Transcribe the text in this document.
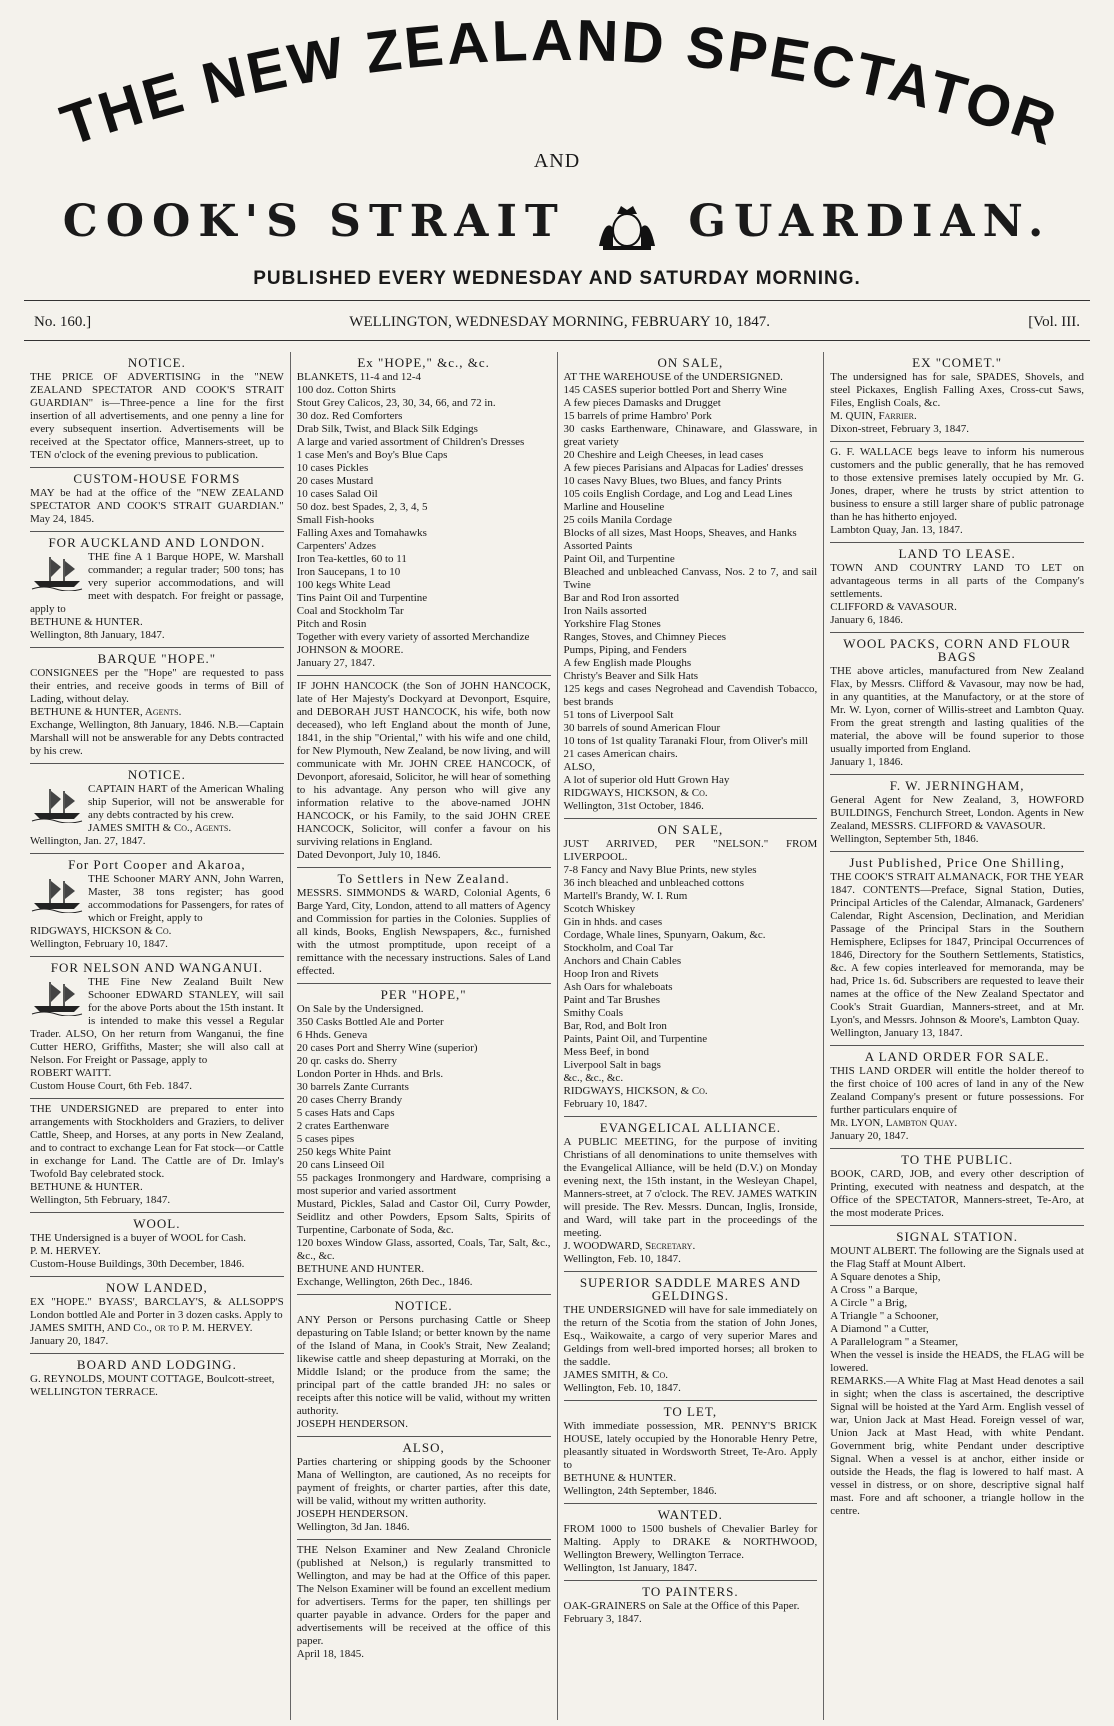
THE NEW ZEALAND SPECTATOR
AND
COOK'S STRAIT	GUARDIAN.
PUBLISHED EVERY WEDNESDAY AND SATURDAY MORNING.
No. 160.]	WELLINGTON, WEDNESDAY MORNING, FEBRUARY 10, 1847.	[Vol. III.
NOTICE.

THE PRICE OF ADVERTISING in the "NEW ZEALAND SPECTATOR AND COOK'S STRAIT GUARDIAN" is—Three-pence a line for the first insertion of all advertisements, and one penny a line for every subsequent insertion. Advertisements will be received at the Spectator office, Manners-street, up to TEN o'clock of the evening previous to publication.

CUSTOM-HOUSE FORMS

MAY be had at the office of the "NEW ZEALAND SPECTATOR AND COOK'S STRAIT GUARDIAN." May 24, 1845.

FOR AUCKLAND AND LONDON.

THE fine A 1 Barque HOPE, W. Marshall commander; a regular trader; 500 tons; has very superior accommodations, and will meet with despatch. For freight or passage, apply to

BETHUNE & HUNTER.

Wellington, 8th January, 1847.

BARQUE "HOPE."

CONSIGNEES per the "Hope" are requested to pass their entries, and receive goods in terms of Bill of Lading, without delay.

BETHUNE & HUNTER, Agents.

Exchange, Wellington, 8th January, 1846. N.B.—Captain Marshall will not be answerable for any Debts contracted by his crew.

NOTICE.

CAPTAIN HART of the American Whaling ship Superior, will not be answerable for any debts contracted by his crew.

JAMES SMITH & Co., Agents.

Wellington, Jan. 27, 1847.

For Port Cooper and Akaroa,

THE Schooner MARY ANN, John Warren, Master, 38 tons register; has good accommodations for Passengers, for rates of which or Freight, apply to

RIDGWAYS, HICKSON & Co.

Wellington, February 10, 1847.

FOR NELSON AND WANGANUI.

THE Fine New Zealand Built New Schooner EDWARD STANLEY, will sail for the above Ports about the 15th instant. It is intended to make this vessel a Regular Trader. ALSO, On her return from Wanganui, the fine Cutter HERO, Griffiths, Master; she will also call at Nelson. For Freight or Passage, apply to

ROBERT WAITT.

Custom House Court, 6th Feb. 1847.

THE UNDERSIGNED are prepared to enter into arrangements with Stockholders and Graziers, to deliver Cattle, Sheep, and Horses, at any ports in New Zealand, and to contract to exchange Lean for Fat stock—or Cattle in exchange for Land. The Cattle are of Dr. Imlay's Twofold Bay celebrated stock.

BETHUNE & HUNTER.

Wellington, 5th February, 1847.

WOOL.

THE Undersigned is a buyer of WOOL for Cash.

P. M. HERVEY.

Custom-House Buildings, 30th December, 1846.

NOW LANDED,

EX "HOPE." BYASS', BARCLAY'S, & ALLSOPP'S London bottled Ale and Porter in 3 dozen casks. Apply to

JAMES SMITH, AND Co., or to P. M. HERVEY.

January 20, 1847.

BOARD AND LODGING.

G. REYNOLDS, MOUNT COTTAGE, Boulcott-street,

WELLINGTON TERRACE.

Ex "HOPE," &c., &c.

BLANKETS, 11-4 and 12-4
100 doz. Cotton Shirts
Stout Grey Calicos, 23, 30, 34, 66, and 72 in.
30 doz. Red Comforters
Drab Silk, Twist, and Black Silk Edgings
A large and varied assortment of Children's Dresses
1 case Men's and Boy's Blue Caps
10 cases Pickles
20 cases Mustard
10 cases Salad Oil
50 doz. best Spades, 2, 3, 4, 5
Small Fish-hooks
Falling Axes and Tomahawks
Carpenters' Adzes
Iron Tea-kettles, 60 to 11
Iron Saucepans, 1 to 10
100 kegs White Lead
Tins Paint Oil and Turpentine
Coal and Stockholm Tar
Pitch and Rosin
Together with every variety of assorted Merchandize

JOHNSON & MOORE.

January 27, 1847.

IF JOHN HANCOCK (the Son of JOHN HANCOCK, late of Her Majesty's Dockyard at Devonport, Esquire, and DEBORAH JUST HANCOCK, his wife, both now deceased), who left England about the month of June, 1841, in the ship "Oriental," with his wife and one child, for New Plymouth, New Zealand, be now living, and will communicate with Mr. JOHN CREE HANCOCK, of Devonport, aforesaid, Solicitor, he will hear of something to his advantage. Any person who will give any information relative to the above-named JOHN HANCOCK, or his Family, to the said JOHN CREE HANCOCK, Solicitor, will confer a favour on his surviving relations in England.

Dated Devonport, July 10, 1846.

To Settlers in New Zealand.

MESSRS. SIMMONDS & WARD, Colonial Agents, 6 Barge Yard, City, London, attend to all matters of Agency and Commission for parties in the Colonies. Supplies of all kinds, Books, English Newspapers, &c., furnished with the utmost promptitude, upon receipt of a remittance with the necessary instructions. Sales of Land effected.

PER "HOPE,"

On Sale by the Undersigned.
350 Casks Bottled Ale and Porter
6 Hhds. Geneva
20 cases Port and Sherry Wine (superior)
20 qr. casks do. Sherry
London Porter in Hhds. and Brls.
30 barrels Zante Currants
20 cases Cherry Brandy
5 cases Hats and Caps
2 crates Earthenware
5 cases pipes
250 kegs White Paint
20 cans Linseed Oil
55 packages Ironmongery and Hardware, comprising a most superior and varied assortment
Mustard, Pickles, Salad and Castor Oil, Curry Powder, Seidlitz and other Powders, Epsom Salts, Spirits of Turpentine, Carbonate of Soda, &c.
120 boxes Window Glass, assorted, Coals, Tar, Salt, &c., &c., &c.

BETHUNE AND HUNTER.

Exchange, Wellington, 26th Dec., 1846.

NOTICE.

ANY Person or Persons purchasing Cattle or Sheep depasturing on Table Island; or better known by the name of the Island of Mana, in Cook's Strait, New Zealand; likewise cattle and sheep depasturing at Morraki, on the Middle Island; or the produce from the same; the principal part of the cattle branded JH: no sales or receipts after this notice will be valid, without my written authority.

JOSEPH HENDERSON.

ALSO,

Parties chartering or shipping goods by the Schooner Mana of Wellington, are cautioned, As no receipts for payment of freights, or charter parties, after this date, will be valid, without my written authority.

JOSEPH HENDERSON.

Wellington, 3d Jan. 1846.

THE Nelson Examiner and New Zealand Chronicle (published at Nelson,) is regularly transmitted to Wellington, and may be had at the Office of this paper. The Nelson Examiner will be found an excellent medium for advertisers. Terms for the paper, ten shillings per quarter payable in advance. Orders for the paper and advertisements will be received at the office of this paper.

April 18, 1845.

ON SALE,

AT THE WAREHOUSE of the UNDERSIGNED.
145 CASES superior bottled Port and Sherry Wine
A few pieces Damasks and Drugget
15 barrels of prime Hambro' Pork
30 casks Earthenware, Chinaware, and Glassware, in great variety
20 Cheshire and Leigh Cheeses, in lead cases
A few pieces Parisians and Alpacas for Ladies' dresses
10 cases Navy Blues, two Blues, and fancy Prints
105 coils English Cordage, and Log and Lead Lines
Marline and Houseline
25 coils Manila Cordage
Blocks of all sizes, Mast Hoops, Sheaves, and Hanks
Assorted Paints
Paint Oil, and Turpentine
Bleached and unbleached Canvass, Nos. 2 to 7, and sail Twine
Bar and Rod Iron assorted
Iron Nails assorted
Yorkshire Flag Stones
Ranges, Stoves, and Chimney Pieces
Pumps, Piping, and Fenders
A few English made Ploughs
Christy's Beaver and Silk Hats
125 kegs and cases Negrohead and Cavendish Tobacco, best brands
51 tons of Liverpool Salt
30 barrels of sound American Flour
10 tons of 1st quality Taranaki Flour, from Oliver's mill
21 cases American chairs.
ALSO,
A lot of superior old Hutt Grown Hay

RIDGWAYS, HICKSON, & Co.

Wellington, 31st October, 1846.

ON SALE,

JUST ARRIVED, PER "NELSON." FROM LIVERPOOL.
7-8 Fancy and Navy Blue Prints, new styles
36 inch bleached and unbleached cottons
Martell's Brandy, W. I. Rum
Scotch Whiskey
Gin in hhds. and cases
Cordage, Whale lines, Spunyarn, Oakum, &c.
Stockholm, and Coal Tar
Anchors and Chain Cables
Hoop Iron and Rivets
Ash Oars for whaleboats
Paint and Tar Brushes
Smithy Coals
Bar, Rod, and Bolt Iron
Paints, Paint Oil, and Turpentine
Mess Beef, in bond
Liverpool Salt in bags
&c., &c., &c.

RIDGWAYS, HICKSON, & Co.

February 10, 1847.

EVANGELICAL ALLIANCE.

A PUBLIC MEETING, for the purpose of inviting Christians of all denominations to unite themselves with the Evangelical Alliance, will be held (D.V.) on Monday evening next, the 15th instant, in the Wesleyan Chapel, Manners-street, at 7 o'clock. The REV. JAMES WATKIN will preside. The Rev. Messrs. Duncan, Inglis, Ironside, and Ward, will take part in the proceedings of the meeting.

J. WOODWARD, Secretary.

Wellington, Feb. 10, 1847.

SUPERIOR SADDLE MARES AND GELDINGS.

THE UNDERSIGNED will have for sale immediately on the return of the Scotia from the station of John Jones, Esq., Waikowaite, a cargo of very superior Mares and Geldings from well-bred imported horses; all broken to the saddle.

JAMES SMITH, & Co.

Wellington, Feb. 10, 1847.

TO LET,

With immediate possession, MR. PENNY'S BRICK HOUSE, lately occupied by the Honorable Henry Petre, pleasantly situated in Wordsworth Street, Te-Aro. Apply to

BETHUNE & HUNTER.

Wellington, 24th September, 1846.

WANTED.

FROM 1000 to 1500 bushels of Chevalier Barley for Malting. Apply to DRAKE & NORTHWOOD, Wellington Brewery, Wellington Terrace.

Wellington, 1st January, 1847.

TO PAINTERS.

OAK-GRAINERS on Sale at the Office of this Paper.

February 3, 1847.

EX "COMET."

The undersigned has for sale, SPADES, Shovels, and steel Pickaxes, English Falling Axes, Cross-cut Saws, Files, English Coals, &c.

M. QUIN, Farrier.

Dixon-street, February 3, 1847.

G. F. WALLACE begs leave to inform his numerous customers and the public generally, that he has removed to those extensive premises lately occupied by Mr. G. Jones, draper, where he trusts by strict attention to business to ensure a still larger share of public patronage than he has hitherto enjoyed.

Lambton Quay, Jan. 13, 1847.

LAND TO LEASE.

TOWN AND COUNTRY LAND TO LET on advantageous terms in all parts of the Company's settlements.

CLIFFORD & VAVASOUR.

January 6, 1846.

WOOL PACKS, CORN AND FLOUR BAGS

THE above articles, manufactured from New Zealand Flax, by Messrs. Clifford & Vavasour, may now be had, in any quantities, at the Manufactory, or at the store of Mr. W. Lyon, corner of Willis-street and Lambton Quay. From the great strength and lasting qualities of the material, the above will be found superior to those usually imported from England.

January 1, 1846.

F. W. JERNINGHAM,

General Agent for New Zealand, 3, HOWFORD BUILDINGS, Fenchurch Street, London. Agents in New Zealand, MESSRS. CLIFFORD & VAVASOUR.

Wellington, September 5th, 1846.

Just Published, Price One Shilling,

THE COOK'S STRAIT ALMANACK, FOR THE YEAR 1847. CONTENTS—Preface, Signal Station, Duties, Principal Articles of the Calendar, Almanack, Gardeners' Calendar, Right Ascension, Declination, and Meridian Passage of the Principal Stars in the Southern Hemisphere, Eclipses for 1847, Principal Occurrences of 1846, Directory for the Southern Settlements, Statistics, &c. A few copies interleaved for memoranda, may be had, Price 1s. 6d. Subscribers are requested to leave their names at the office of the New Zealand Spectator and Cook's Strait Guardian, Manners-street, and at Mr. Lyon's, and Messrs. Johnson & Moore's, Lambton Quay.

Wellington, January 13, 1847.

A LAND ORDER FOR SALE.

THIS LAND ORDER will entitle the holder thereof to the first choice of 100 acres of land in any of the New Zealand Company's present or future possessions. For further particulars enquire of

Mr. LYON, Lambton Quay.

January 20, 1847.

TO THE PUBLIC.

BOOK, CARD, JOB, and every other description of Printing, executed with neatness and despatch, at the Office of the SPECTATOR, Manners-street, Te-Aro, at the most moderate Prices.

SIGNAL STATION.

MOUNT ALBERT. The following are the Signals used at the Flag Staff at Mount Albert.
A Square denotes a Ship,
A Cross " a Barque,
A Circle " a Brig,
A Triangle " a Schooner,
A Diamond " a Cutter,
A Parallelogram " a Steamer,
When the vessel is inside the HEADS, the FLAG will be lowered.
REMARKS.—A White Flag at Mast Head denotes a sail in sight; when the class is ascertained, the descriptive Signal will be hoisted at the Yard Arm. English vessel of war, Union Jack at Mast Head. Foreign vessel of war, Union Jack at Mast Head, with white Pendant. Government brig, white Pendant under descriptive Signal. When a vessel is at anchor, either inside or outside the Heads, the flag is lowered to half mast. A vessel in distress, or on shore, descriptive signal half mast. Fore and aft schooner, a triangle hollow in the centre.
